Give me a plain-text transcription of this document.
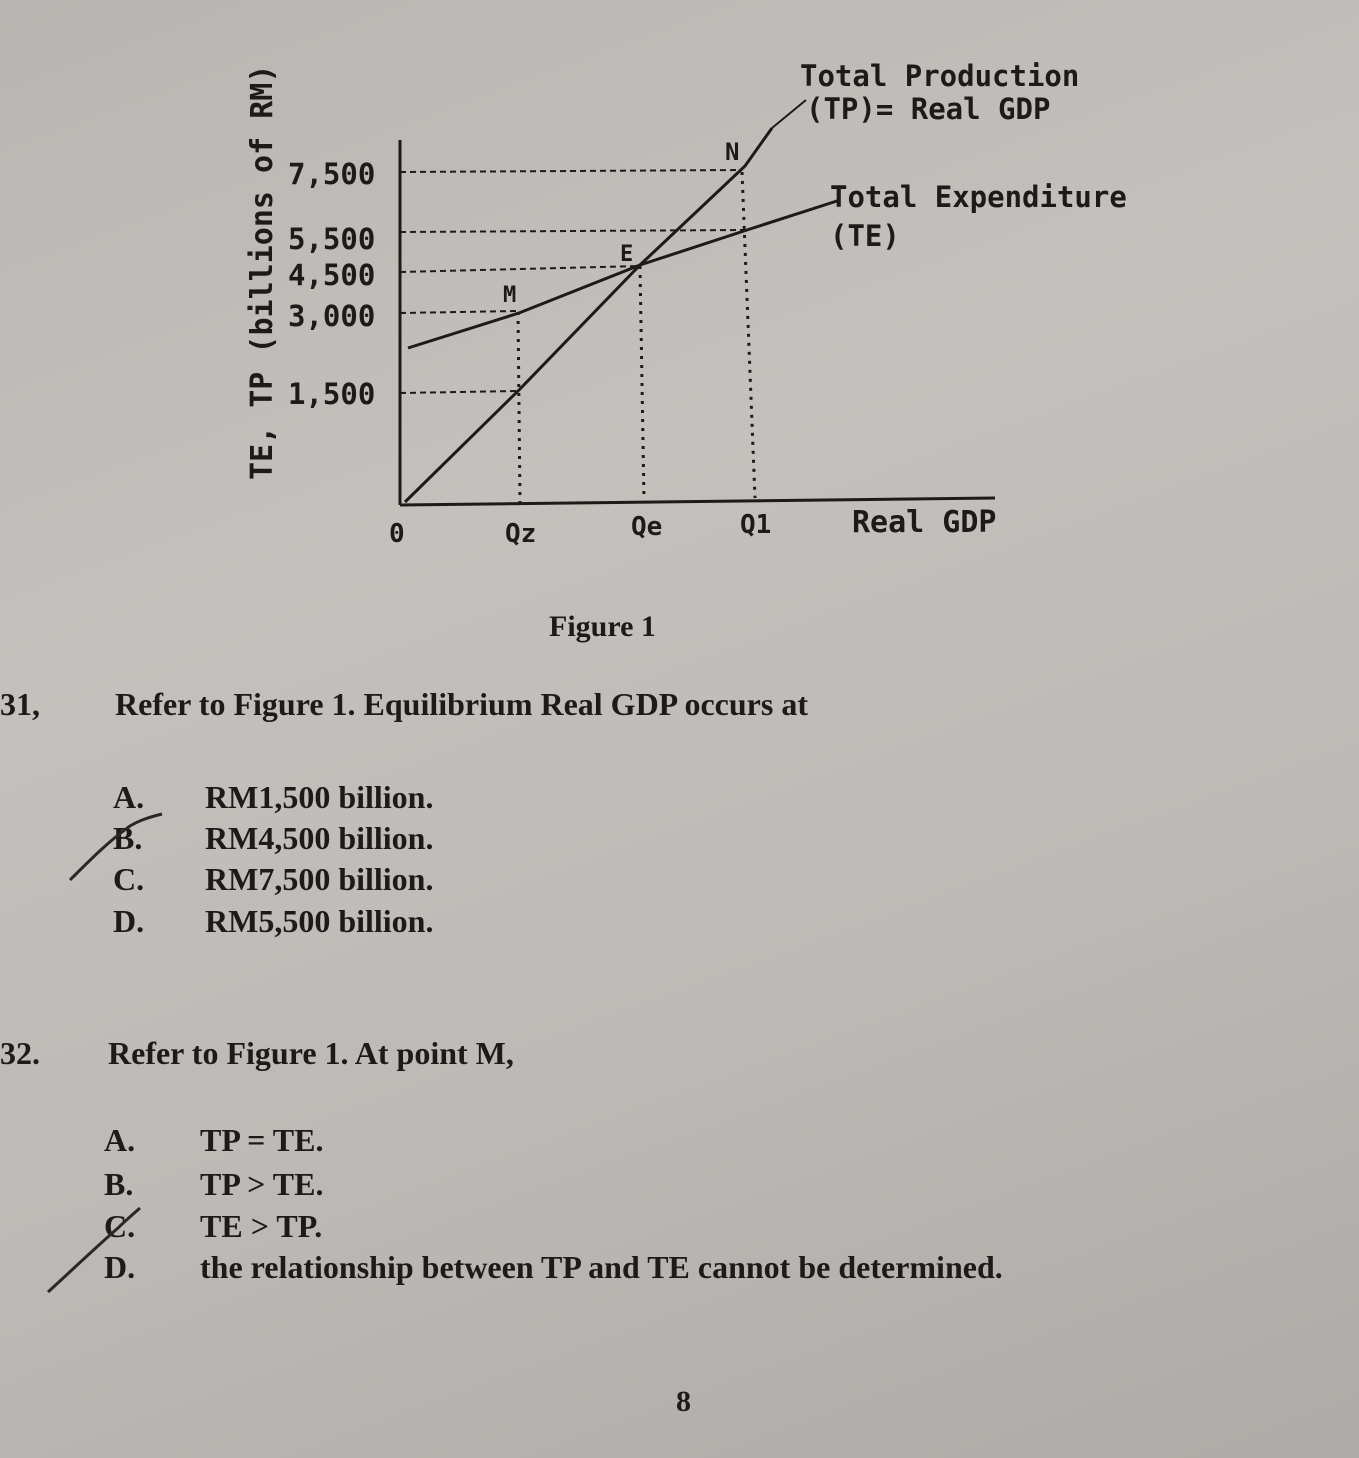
TE, TP (billions of RM) 7,500
5,500
4,500
3,000
1,500
0	Qz	Qe	Q1	Real GDP
Total Production
(TP)= Real GDP
Total Expenditure
(TE)
M
E
N
Figure 1
31, Refer to Figure 1. Equilibrium Real GDP occurs at
A. RM1,500 billion.
B. RM4,500 billion.
C. RM7,500 billion.
D. RM5,500 billion.
32. Refer to Figure 1. At point M,
A. TP = TE.
B. TP > TE.
C. TE > TP.
D. the relationship between TP and TE cannot be determined.
8
